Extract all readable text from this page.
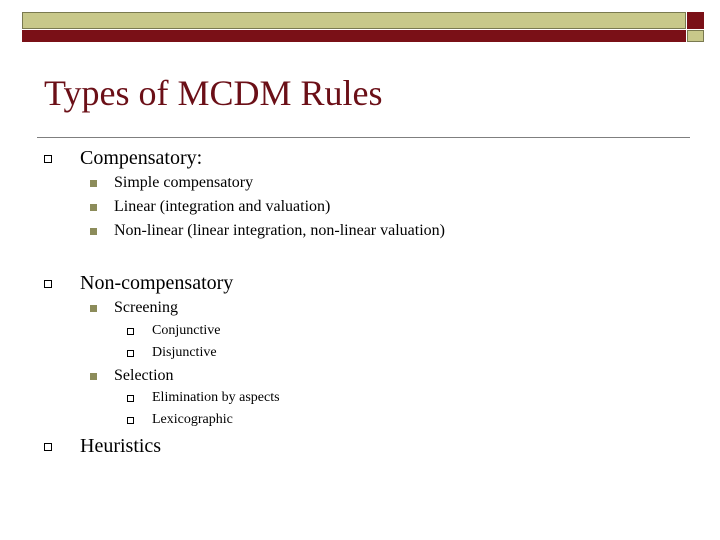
Types of MCDM Rules
Compensatory:
Simple compensatory
Linear (integration and valuation)
Non-linear (linear integration, non-linear valuation)
Non-compensatory
Screening
Conjunctive
Disjunctive
Selection
Elimination by aspects
Lexicographic
Heuristics
